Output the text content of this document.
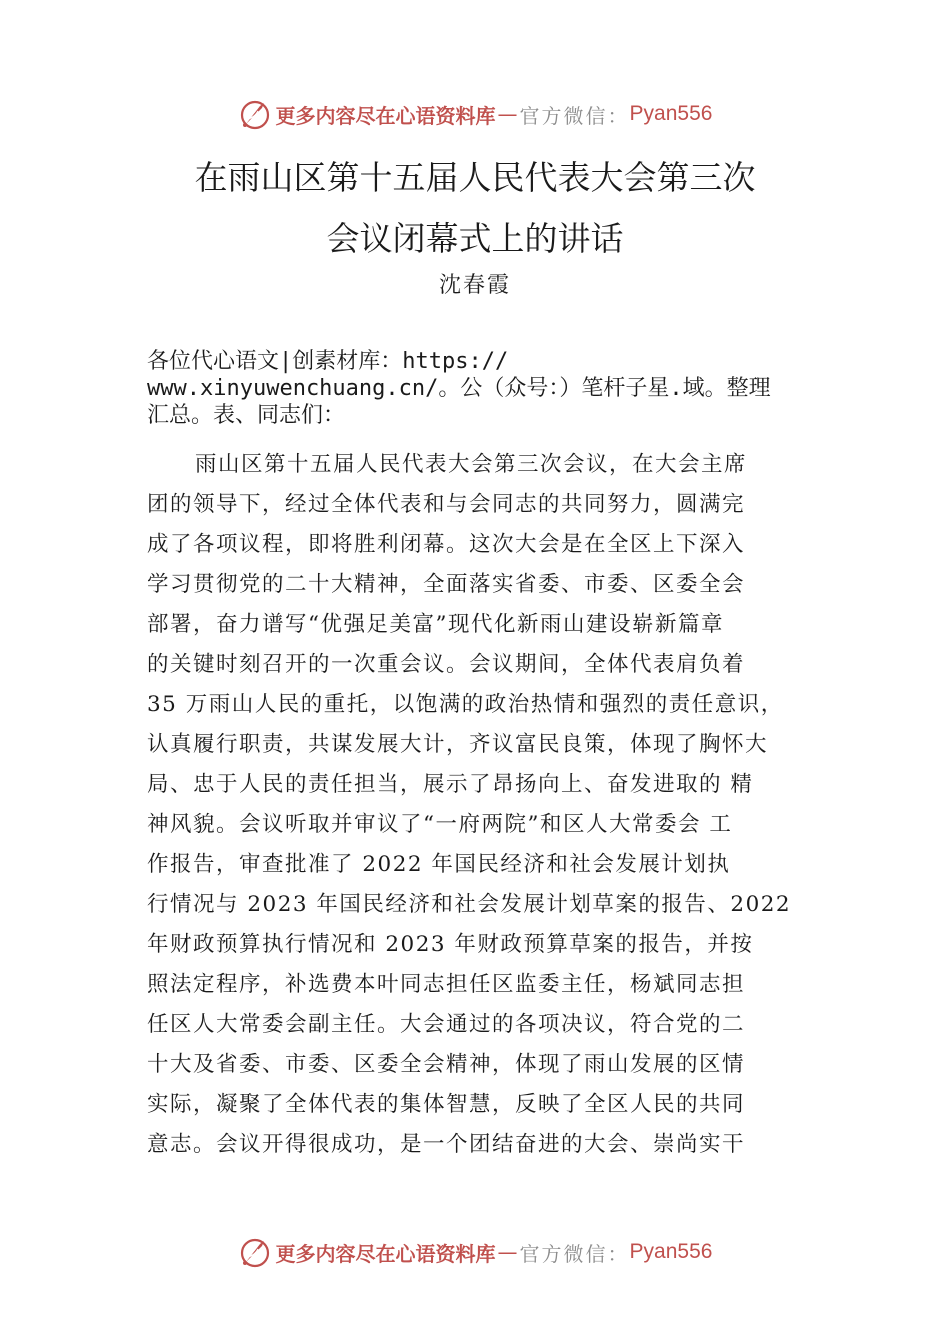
更多内容尽在心语资料库 — 官方微信： Pyan556
在雨山区第十五届人民代表大会第三次
会议闭幕式上的讲话
沈春霞

各位代心语文|创素材库：https://
www.xinyuwenchuang.cn/。公（众号：）笔杆子星.域。整理
汇总。表、同志们：

雨山区第十五届人民代表大会第三次会议，在大会主席
团的领导下，经过全体代表和与会同志的共同努力，圆满完
成了各项议程，即将胜利闭幕。这次大会是在全区上下深入
学习贯彻党的二十大精神，全面落实省委、市委、区委全会
部署，奋力谱写“优强足美富”现代化新雨山建设崭新篇章
的关键时刻召开的一次重会议。会议期间，全体代表肩负着
35 万雨山人民的重托，以饱满的政治热情和强烈的责任意识，
认真履行职责，共谋发展大计，齐议富民良策，体现了胸怀大
局、忠于人民的责任担当，展示了昂扬向上、奋发进取的 精
神风貌。会议听取并审议了“一府两院”和区人大常委会 工
作报告，审查批准了 2022 年国民经济和社会发展计划执
行情况与 2023 年国民经济和社会发展计划草案的报告、2022
年财政预算执行情况和 2023 年财政预算草案的报告，并按
照法定程序，补选费本叶同志担任区监委主任，杨斌同志担
任区人大常委会副主任。大会通过的各项决议，符合党的二
十大及省委、市委、区委全会精神，体现了雨山发展的区情
实际，凝聚了全体代表的集体智慧，反映了全区人民的共同
意志。会议开得很成功，是一个团结奋进的大会、崇尚实干
更多内容尽在心语资料库 — 官方微信： Pyan556
